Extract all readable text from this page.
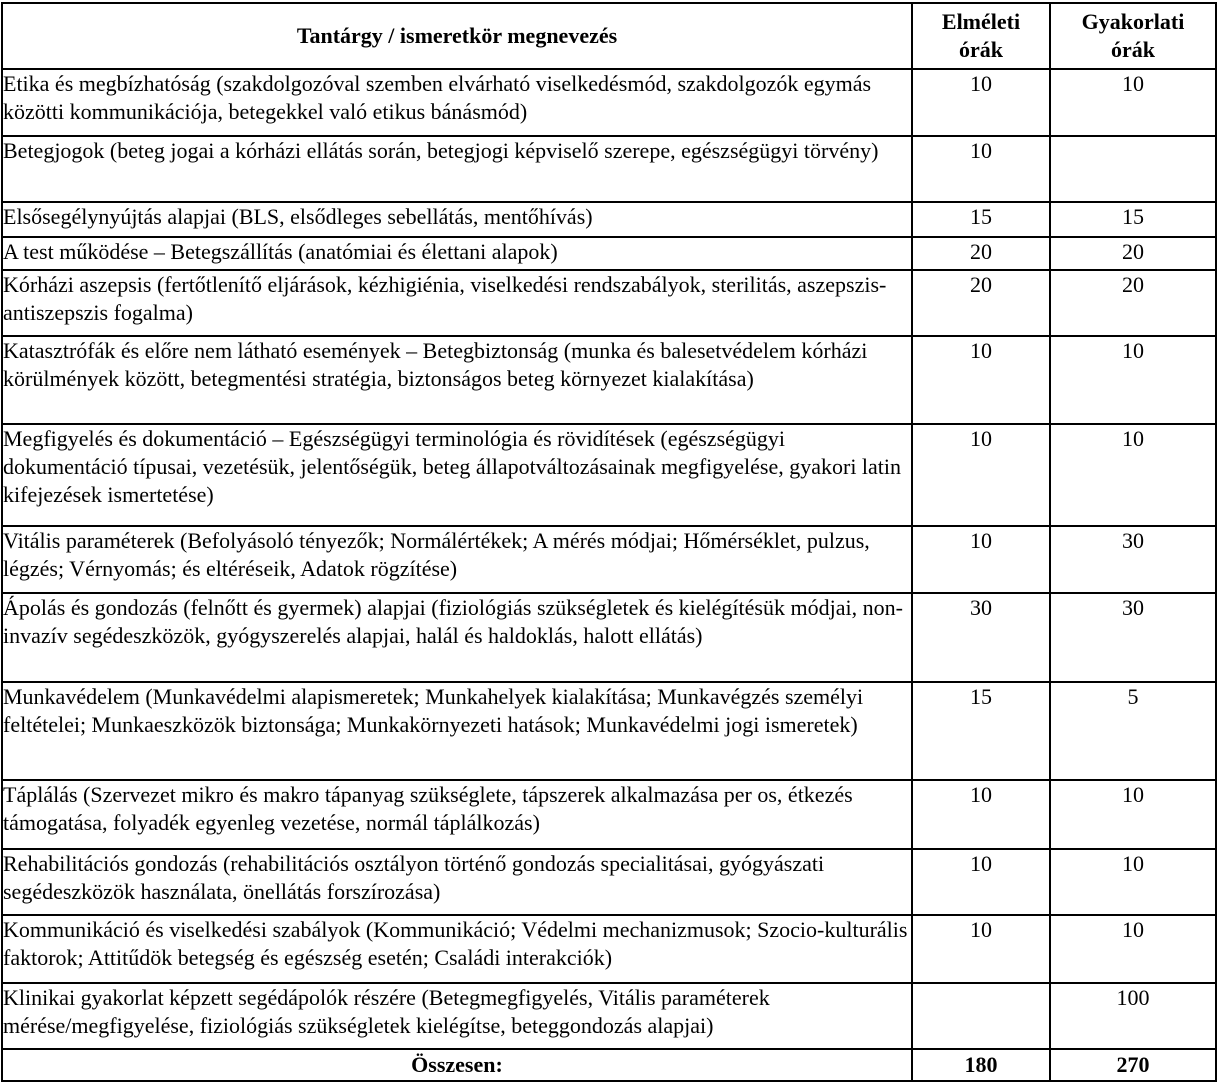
Tantárgy / ismeretkör megnevezés	Elméleti órák	Gyakorlati órák

Etika és megbízhatóság (szakdolgozóval szemben elvárható viselkedésmód, szakdolgozók egymás közötti kommunikációja, betegekkel való etikus bánásmód)	10	10
Betegjogok (beteg jogai a kórházi ellátás során, betegjogi képviselő szerepe, egészségügyi törvény)	10	
Elsősegélynyújtás alapjai (BLS, elsődleges sebellátás, mentőhívás)	15	15
A test működése – Betegszállítás (anatómiai és élettani alapok)	20	20
Kórházi aszepsis (fertőtlenítő eljárások, kézhigiénia, viselkedési rendszabályok, sterilitás, aszepszis-antiszepszis fogalma)	20	20
Katasztrófák és előre nem látható események – Betegbiztonság (munka és balesetvédelem kórházi körülmények között, betegmentési stratégia, biztonságos beteg környezet kialakítása)	10	10
Megfigyelés és dokumentáció – Egészségügyi terminológia és rövidítések (egészségügyi dokumentáció típusai, vezetésük, jelentőségük, beteg állapotváltozásainak megfigyelése, gyakori latin kifejezések ismertetése)	10	10
Vitális paraméterek (Befolyásoló tényezők; Normálértékek; A mérés módjai; Hőmérséklet, pulzus, légzés; Vérnyomás; és eltéréseik, Adatok rögzítése)	10	30
Ápolás és gondozás (felnőtt és gyermek) alapjai (fiziológiás szükségletek és kielégítésük módjai, non-invazív segédeszközök, gyógyszerelés alapjai, halál és haldoklás, halott ellátás)	30	30
Munkavédelem (Munkavédelmi alapismeretek; Munkahelyek kialakítása; Munkavégzés személyi feltételei; Munkaeszközök biztonsága; Munkakörnyezeti hatások; Munkavédelmi jogi ismeretek)	15	5
Táplálás (Szervezet mikro és makro tápanyag szükséglete, tápszerek alkalmazása per os, étkezés támogatása, folyadék egyenleg vezetése, normál táplálkozás)	10	10
Rehabilitációs gondozás (rehabilitációs osztályon történő gondozás specialitásai, gyógyászati segédeszközök használata, önellátás forszírozása)	10	10
Kommunikáció és viselkedési szabályok (Kommunikáció; Védelmi mechanizmusok; Szocio-kulturális faktorok; Attitűdök betegség és egészség esetén; Családi interakciók)	10	10
Klinikai gyakorlat képzett segédápolók részére (Betegmegfigyelés, Vitális paraméterek mérése/megfigyelése, fiziológiás szükségletek kielégítse, beteggondozás alapjai)		100
Összesen:	180	270
